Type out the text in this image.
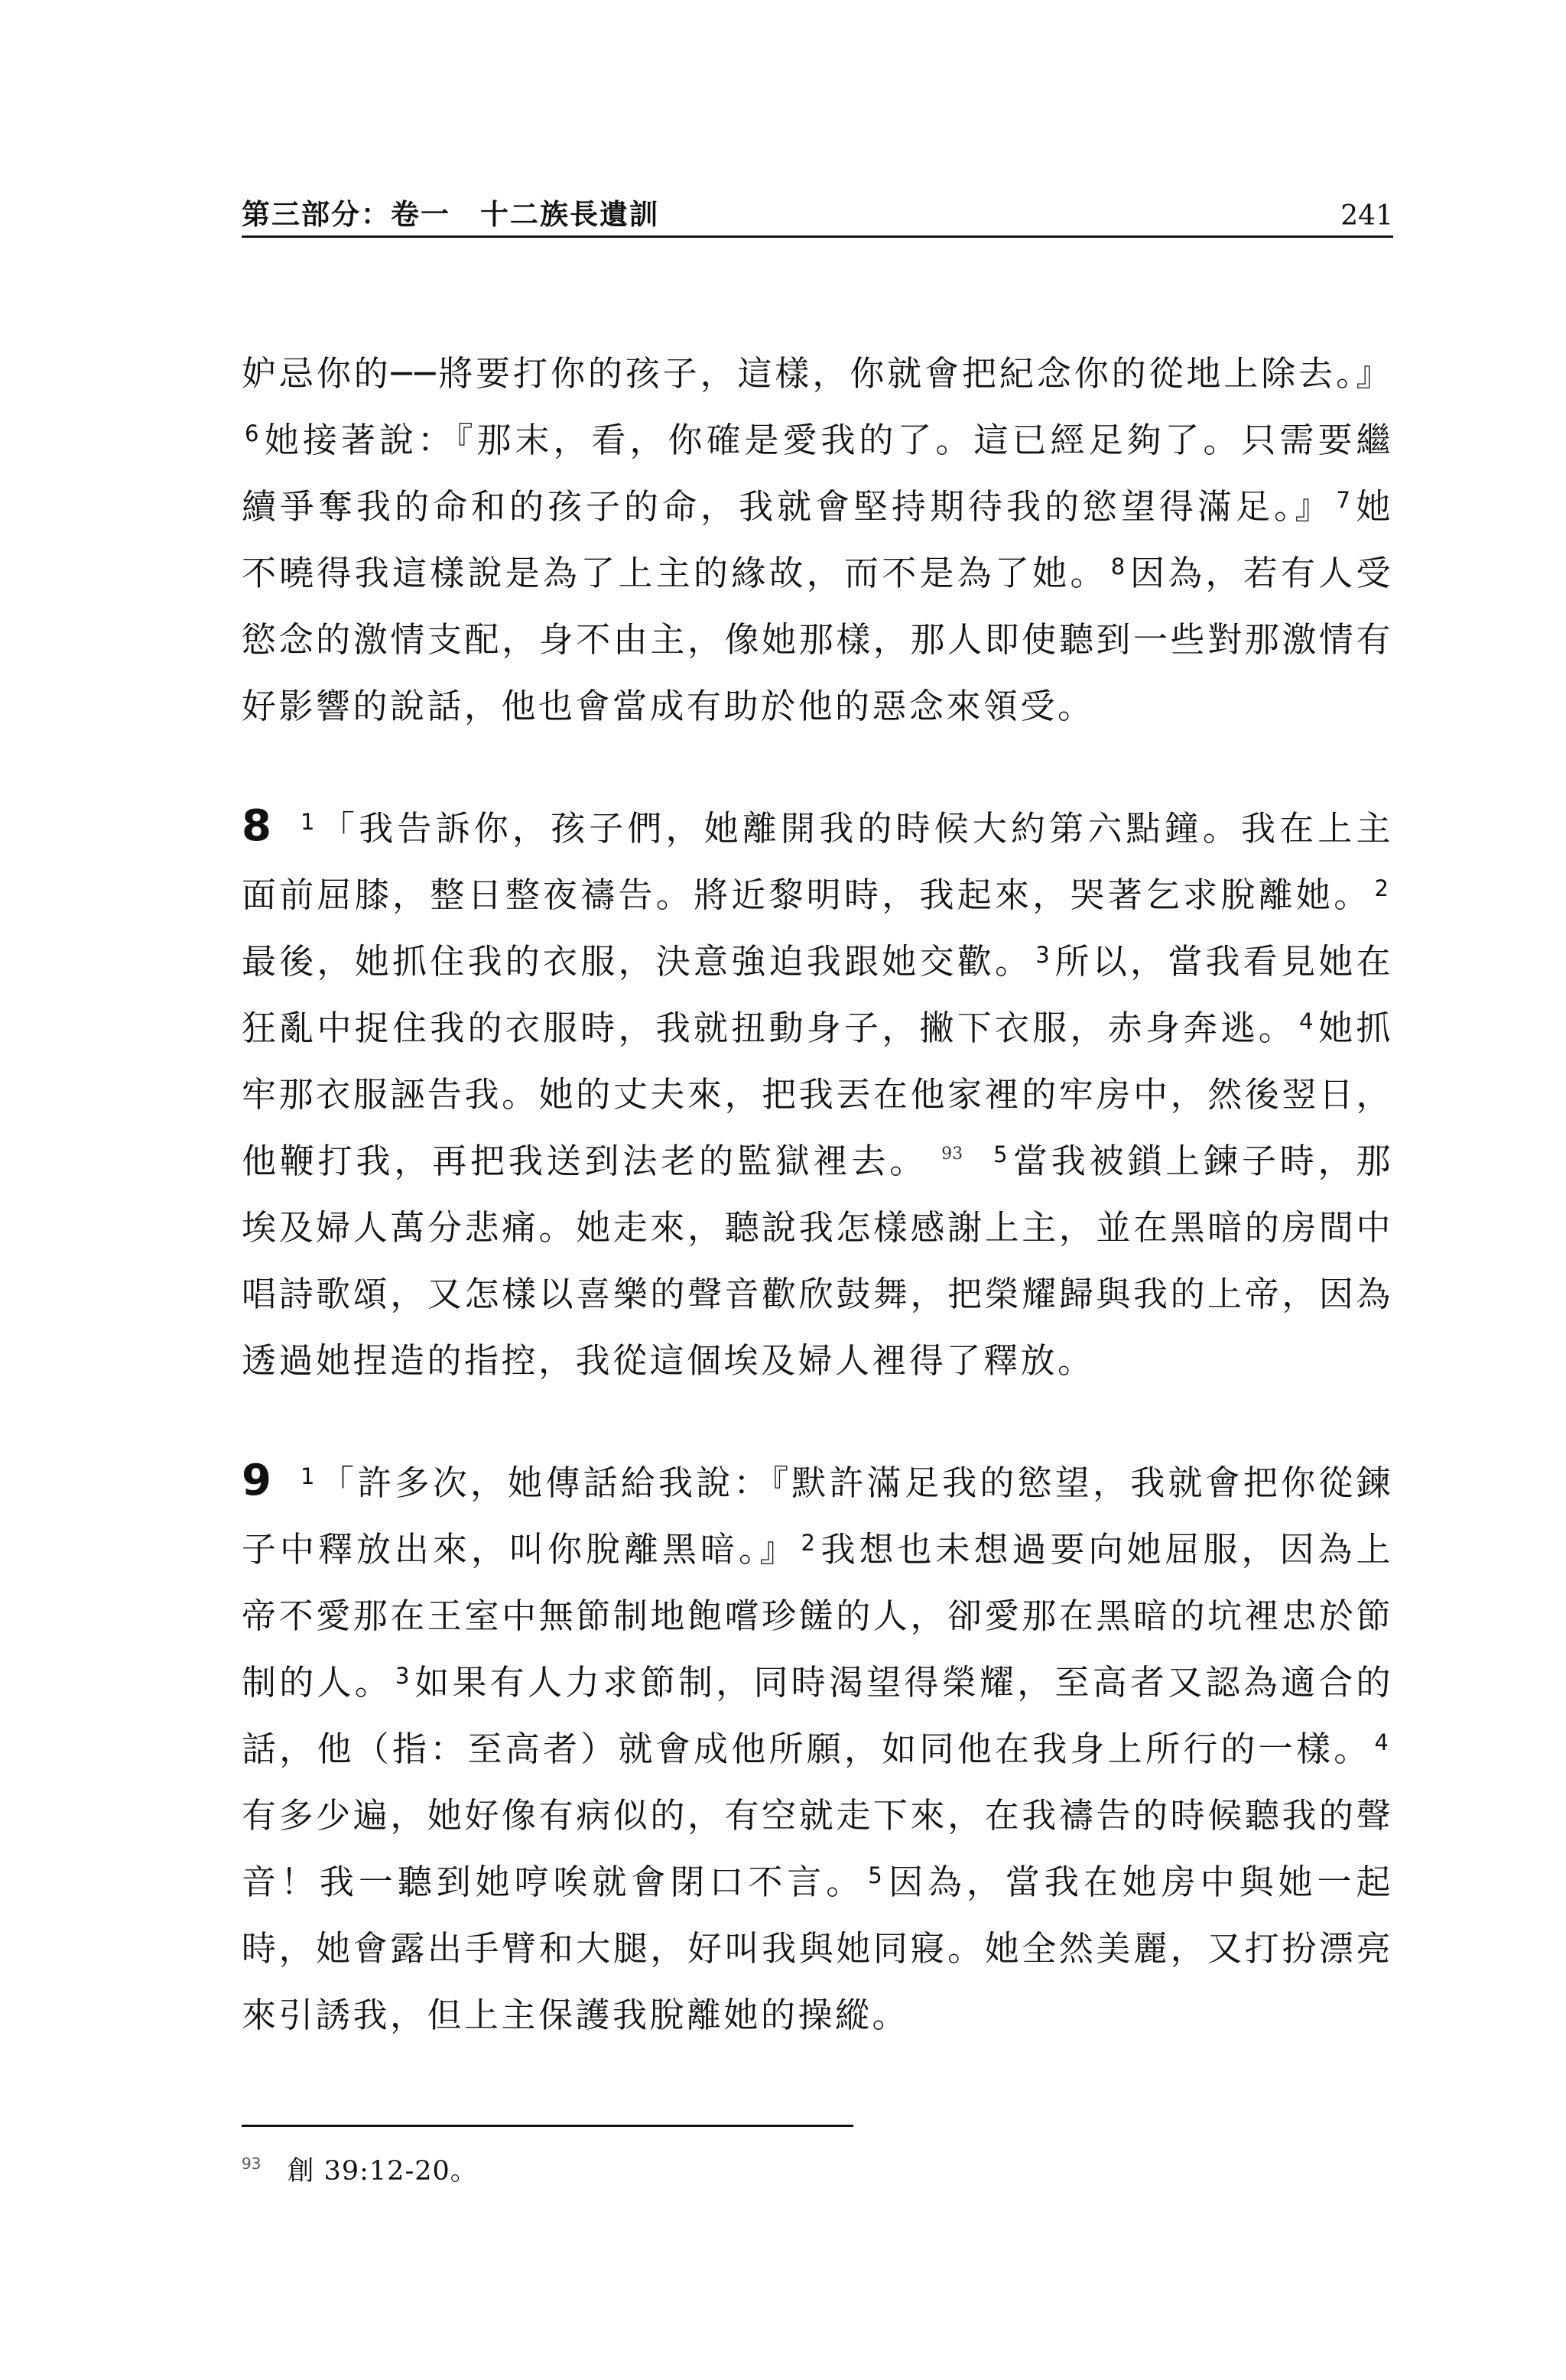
第三部分：卷一　十二族長遺訓	241

妒忌你的──將要打你的孩子，這樣，你就會把紀念你的從地上除去。』$^6$ 她接著說：『那末，看，你確是愛我的了。這已經足夠了。只需要繼續爭奪我的命和的孩子的命，我就會堅持期待我的慾望得滿足。』 $^7$ 她不曉得我這樣說是為了上主的緣故，而不是為了她。 $^8$ 因為，若有人受慾念的激情支配，身不由主，像她那樣，那人即使聽到一些對那激情有好影響的說話，他也會當成有助於他的惡念來領受。

8 $^1$ 「我告訴你，孩子們，她離開我的時候大約第六點鐘。我在上主面前屈膝，整日整夜禱告。將近黎明時，我起來，哭著乞求脫離她。 $^2$最後，她抓住我的衣服，決意強迫我跟她交歡。 $^3$ 所以，當我看見她在狂亂中捉住我的衣服時，我就扭動身子，撇下衣服，赤身奔逃。 $^4$ 她抓牢那衣服誣告我。她的丈夫來，把我丟在他家裡的牢房中，然後翌日，他鞭打我，再把我送到法老的監獄裡去。 $^{93}$ $^5$ 當我被鎖上鍊子時，那埃及婦人萬分悲痛。她走來，聽說我怎樣感謝上主，並在黑暗的房間中唱詩歌頌，又怎樣以喜樂的聲音歡欣鼓舞，把榮耀歸與我的上帝，因為透過她捏造的指控，我從這個埃及婦人裡得了釋放。

9 $^1$ 「許多次，她傳話給我說：『默許滿足我的慾望，我就會把你從鍊子中釋放出來，叫你脫離黑暗。』 $^2$ 我想也未想過要向她屈服，因為上帝不愛那在王室中無節制地飽嚐珍饈的人，卻愛那在黑暗的坑裡忠於節制的人。 $^3$ 如果有人力求節制，同時渴望得榮耀，至高者又認為適合的話，他（指：至高者）就會成他所願，如同他在我身上所行的一樣。 $^4$有多少遍，她好像有病似的，有空就走下來，在我禱告的時候聽我的聲音！我一聽到她哼唉就會閉口不言。 $^5$ 因為，當我在她房中與她一起時，她會露出手臂和大腿，好叫我與她同寢。她全然美麗，又打扮漂亮來引誘我，但上主保護我脫離她的操縱。

$^{93}$ 創 39:12-20。
